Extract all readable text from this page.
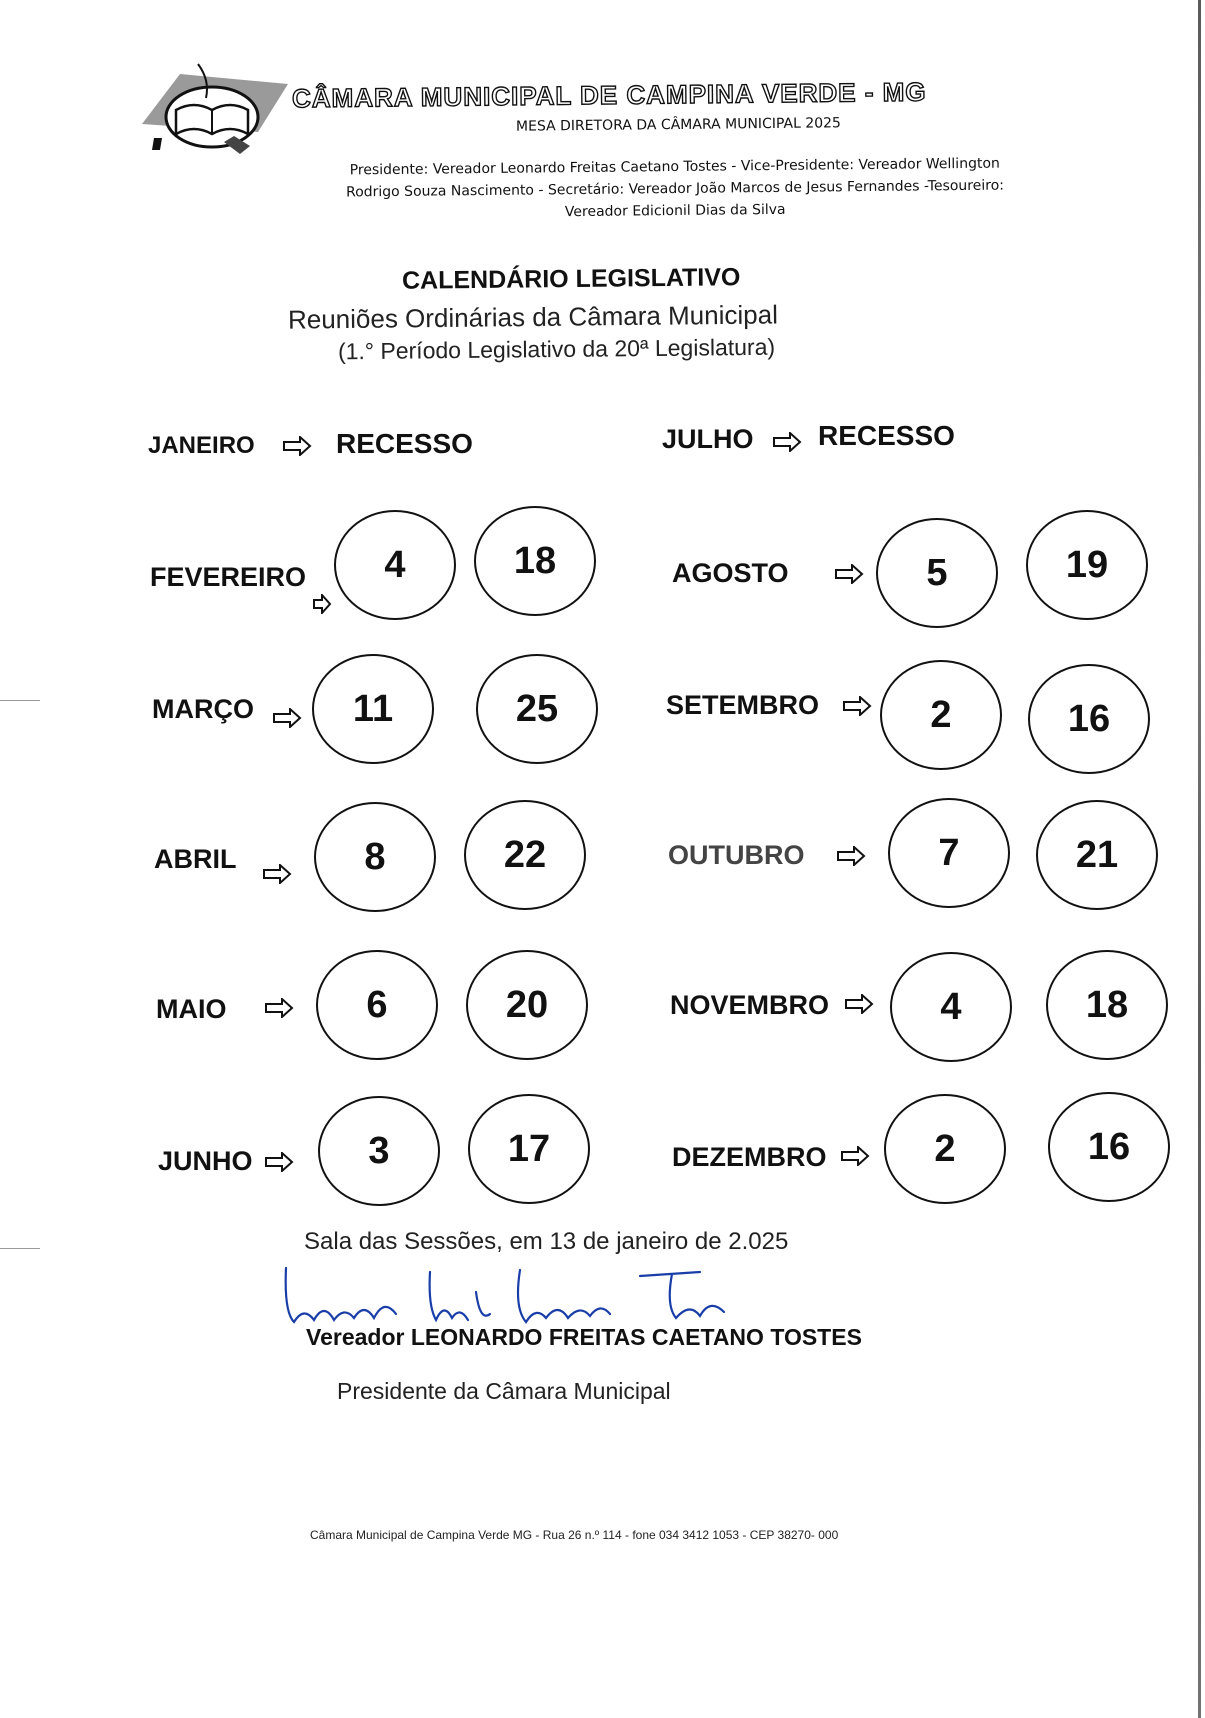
CÂMARA MUNICIPAL DE CAMPINA VERDE - MG
MESA DIRETORA DA CÂMARA MUNICIPAL 2025
Presidente: Vereador Leonardo Freitas Caetano Tostes - Vice-Presidente: Vereador Wellington
Rodrigo Souza Nascimento - Secretário: Vereador João Marcos de Jesus Fernandes -Tesoureiro:
Vereador Edicionil Dias da Silva
CALENDÁRIO LEGISLATIVO
Reuniões Ordinárias da Câmara Municipal
(1.° Período Legislativo da 20ª Legislatura)
JANEIRO	RECESSO
FEVEREIRO	4	18
MARÇO	11	25
ABRIL	8	22
MAIO	6	20
JUNHO	3	17
JULHO RECESSO
AGOSTO	5	19
SETEMBRO	2	16
OUTUBRO	7	21
NOVEMBRO	4	18
DEZEMBRO	2	16
Sala das Sessões, em 13 de janeiro de 2.025
Vereador LEONARDO FREITAS CAETANO TOSTES
Presidente da Câmara Municipal
Câmara Municipal de Campina Verde MG - Rua 26 n.º 114 - fone 034 3412 1053 - CEP 38270- 000
